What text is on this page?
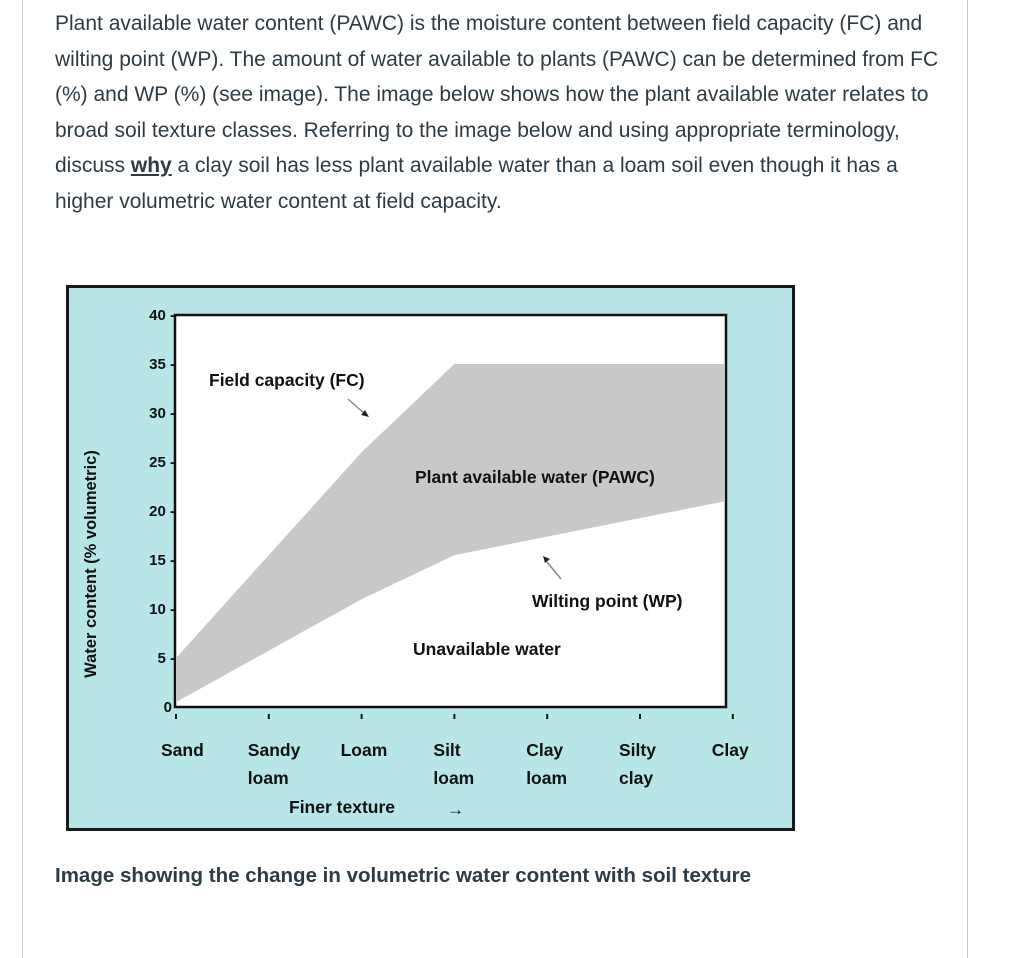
Plant available water content (PAWC) is the moisture content between field capacity (FC) and wilting point (WP). The amount of water available to plants (PAWC) can be determined from FC (%) and WP (%) (see image). The image below shows how the plant available water relates to broad soil texture classes. Referring to the image below and using appropriate terminology, discuss why a clay soil has less plant available water than a loam soil even though it has a higher volumetric water content at field capacity.
Water content (% volumetric)
0
5 -
10 -
15 -
20 -
25 -
30 -
35 -
40 -
Sand	Sandy
loam
Loam	Silt
loam
Clay
loam
Silty
clay
Clay
Field capacity (FC)
Plant available water (PAWC)
Wilting point (WP)
Unavailable water
Finer texture	→
Image showing the change in volumetric water content with soil texture
